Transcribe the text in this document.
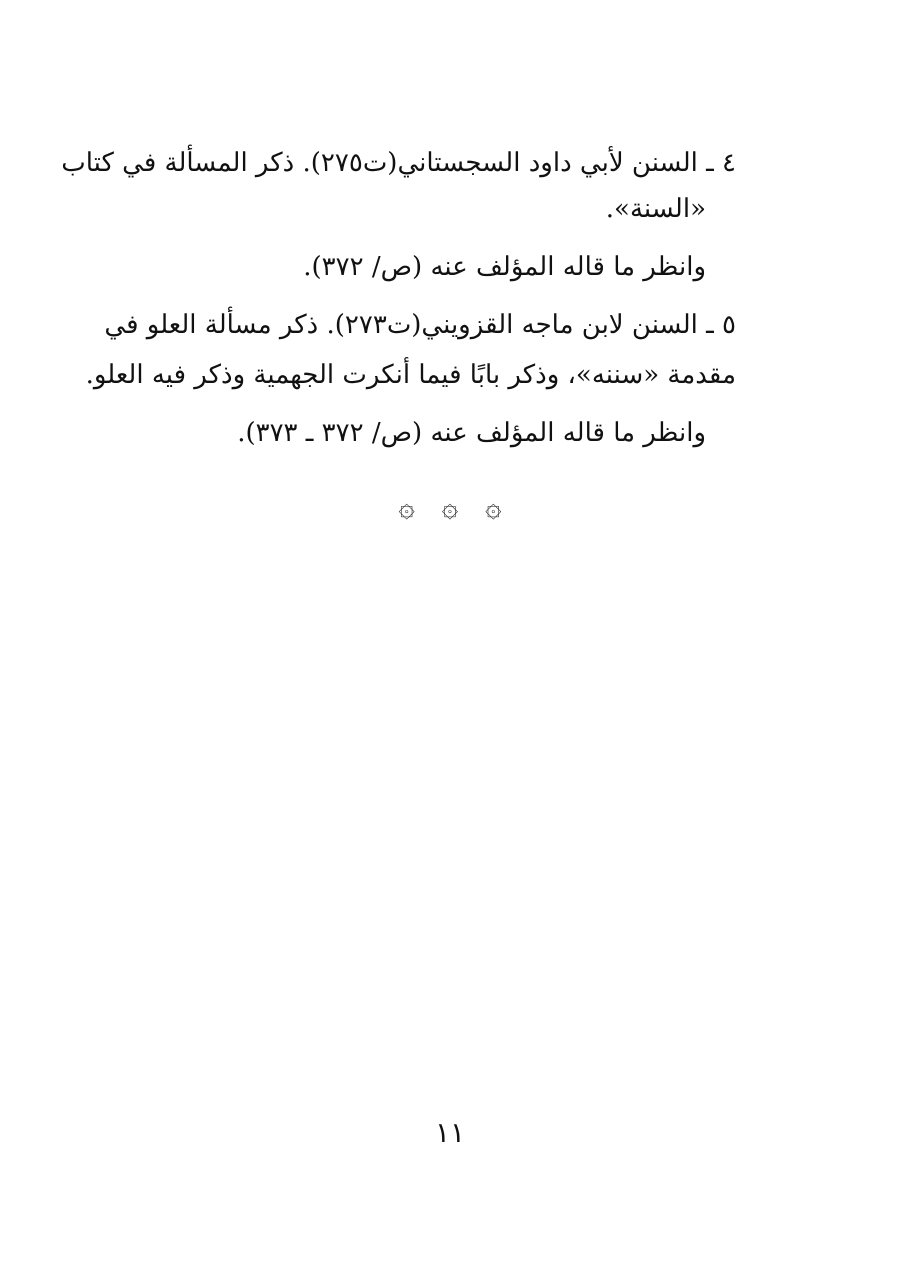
٤ ـ السنن لأبي داود السجستاني(ت٢٧٥). ذكر المسألة في كتاب
«السنة».
وانظر ما قاله المؤلف عنه (ص/ ٣٧٢).
٥ ـ السنن لابن ماجه القزويني(ت٢٧٣). ذكر مسألة العلو في
مقدمة «سننه»، وذكر بابًا فيما أنكرت الجهمية وذكر فيه العلو.
وانظر ما قاله المؤلف عنه (ص/ ٣٧٢ ـ ٣٧٣).
۞ ۞ ۞
١١
